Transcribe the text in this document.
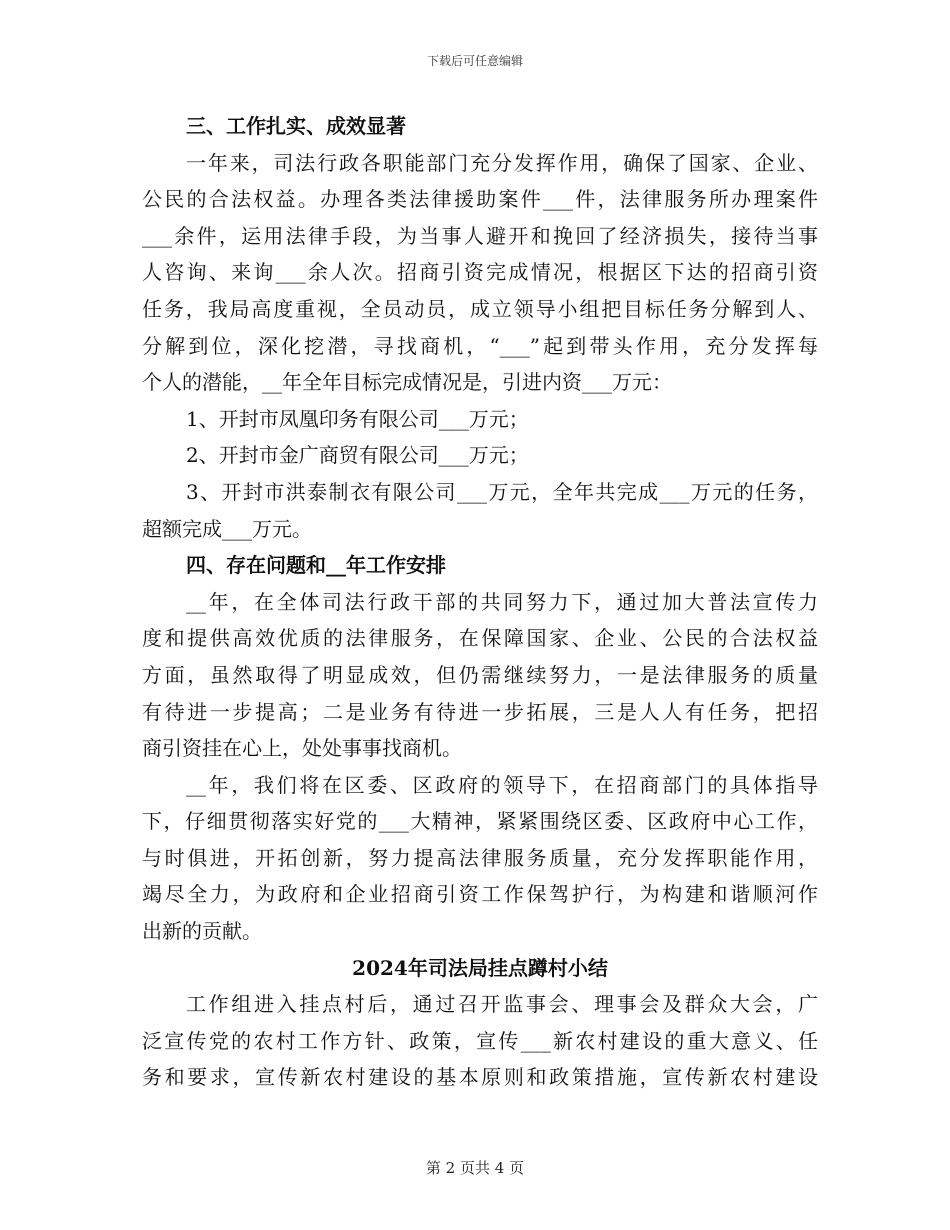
下载后可任意编辑
三、工作扎实、成效显著
一年来，司法行政各职能部门充分发挥作用，确保了国家、企业、
公民的合法权益。办理各类法律援助案件___件，法律服务所办理案件
___余件，运用法律手段，为当事人避开和挽回了经济损失，接待当事
人咨询、来询___余人次。招商引资完成情况，根据区下达的招商引资
任务，我局高度重视，全员动员，成立领导小组把目标任务分解到人、
分解到位，深化挖潜，寻找商机，“___”起到带头作用，充分发挥每
个人的潜能，__年全年目标完成情况是，引进内资___万元：
1、开封市凤凰印务有限公司___万元；
2、开封市金广商贸有限公司___万元；
3、开封市洪泰制衣有限公司___万元，全年共完成___万元的任务，
超额完成___万元。
四、存在问题和__年工作安排
__年，在全体司法行政干部的共同努力下，通过加大普法宣传力
度和提供高效优质的法律服务，在保障国家、企业、公民的合法权益
方面，虽然取得了明显成效，但仍需继续努力，一是法律服务的质量
有待进一步提高；二是业务有待进一步拓展，三是人人有任务，把招
商引资挂在心上，处处事事找商机。
__年，我们将在区委、区政府的领导下，在招商部门的具体指导
下，仔细贯彻落实好党的___大精神，紧紧围绕区委、区政府中心工作，
与时俱进，开拓创新，努力提高法律服务质量，充分发挥职能作用，
竭尽全力，为政府和企业招商引资工作保驾护行，为构建和谐顺河作
出新的贡献。
2024年司法局挂点蹲村小结
工作组进入挂点村后，通过召开监事会、理事会及群众大会，广
泛宣传党的农村工作方针、政策，宣传___新农村建设的重大意义、任
务和要求，宣传新农村建设的基本原则和政策措施，宣传新农村建设
第 2 页共 4 页
